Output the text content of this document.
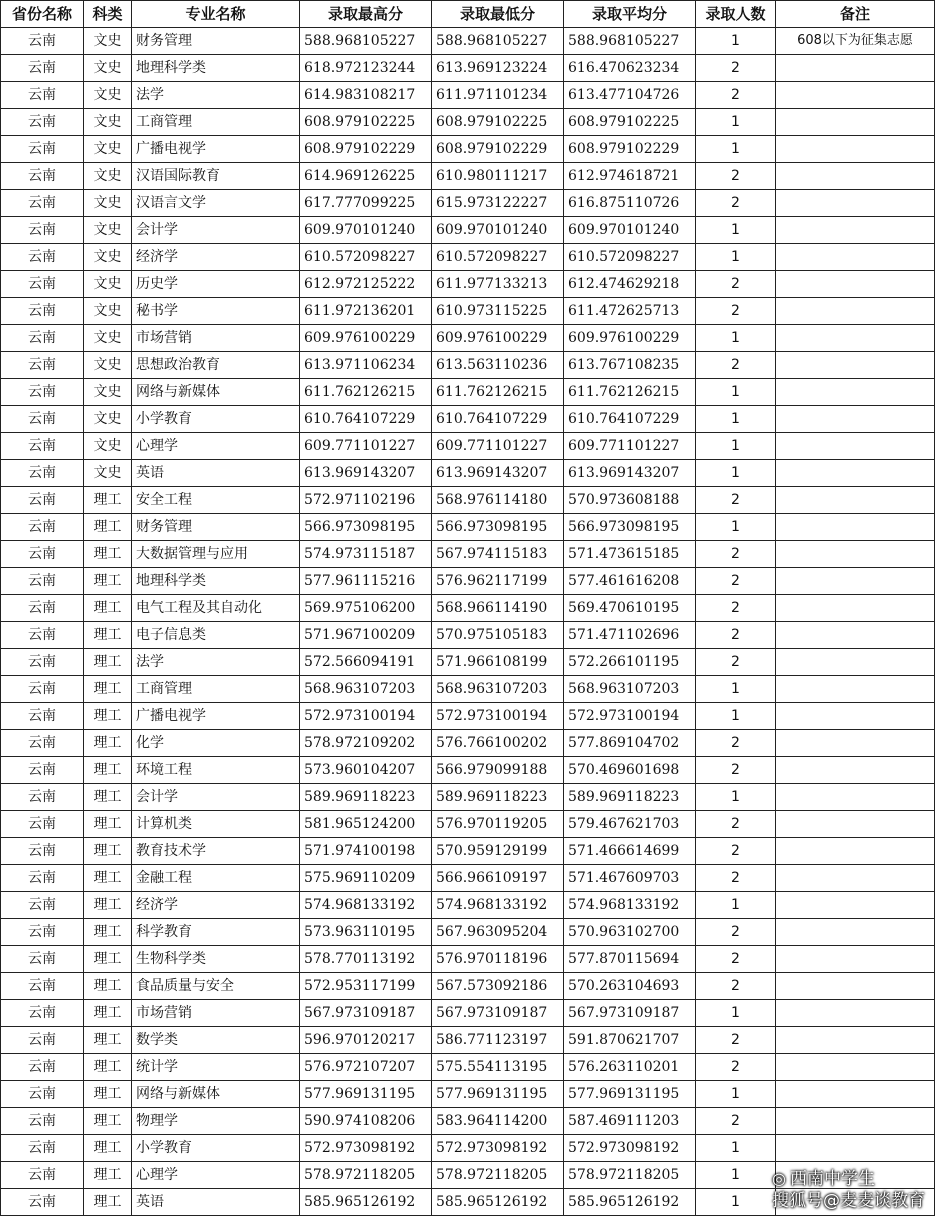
省份名称	科类	专业名称	录取最高分	录取最低分	录取平均分	录取人数	备注
云南	文史	财务管理	588.968105227	588.968105227	588.968105227	1	608以下为征集志愿
云南	文史	地理科学类	618.972123244	613.969123224	616.470623234	2	
云南	文史	法学	614.983108217	611.971101234	613.477104726	2	
云南	文史	工商管理	608.979102225	608.979102225	608.979102225	1	
云南	文史	广播电视学	608.979102229	608.979102229	608.979102229	1	
云南	文史	汉语国际教育	614.969126225	610.980111217	612.974618721	2	
云南	文史	汉语言文学	617.777099225	615.973122227	616.875110726	2	
云南	文史	会计学	609.970101240	609.970101240	609.970101240	1	
云南	文史	经济学	610.572098227	610.572098227	610.572098227	1	
云南	文史	历史学	612.972125222	611.977133213	612.474629218	2	
云南	文史	秘书学	611.972136201	610.973115225	611.472625713	2	
云南	文史	市场营销	609.976100229	609.976100229	609.976100229	1	
云南	文史	思想政治教育	613.971106234	613.563110236	613.767108235	2	
云南	文史	网络与新媒体	611.762126215	611.762126215	611.762126215	1	
云南	文史	小学教育	610.764107229	610.764107229	610.764107229	1	
云南	文史	心理学	609.771101227	609.771101227	609.771101227	1	
云南	文史	英语	613.969143207	613.969143207	613.969143207	1	
云南	理工	安全工程	572.971102196	568.976114180	570.973608188	2	
云南	理工	财务管理	566.973098195	566.973098195	566.973098195	1	
云南	理工	大数据管理与应用	574.973115187	567.974115183	571.473615185	2	
云南	理工	地理科学类	577.961115216	576.962117199	577.461616208	2	
云南	理工	电气工程及其自动化	569.975106200	568.966114190	569.470610195	2	
云南	理工	电子信息类	571.967100209	570.975105183	571.471102696	2	
云南	理工	法学	572.566094191	571.966108199	572.266101195	2	
云南	理工	工商管理	568.963107203	568.963107203	568.963107203	1	
云南	理工	广播电视学	572.973100194	572.973100194	572.973100194	1	
云南	理工	化学	578.972109202	576.766100202	577.869104702	2	
云南	理工	环境工程	573.960104207	566.979099188	570.469601698	2	
云南	理工	会计学	589.969118223	589.969118223	589.969118223	1	
云南	理工	计算机类	581.965124200	576.970119205	579.467621703	2	
云南	理工	教育技术学	571.974100198	570.959129199	571.466614699	2	
云南	理工	金融工程	575.969110209	566.966109197	571.467609703	2	
云南	理工	经济学	574.968133192	574.968133192	574.968133192	1	
云南	理工	科学教育	573.963110195	567.963095204	570.963102700	2	
云南	理工	生物科学类	578.770113192	576.970118196	577.870115694	2	
云南	理工	食品质量与安全	572.953117199	567.573092186	570.263104693	2	
云南	理工	市场营销	567.973109187	567.973109187	567.973109187	1	
云南	理工	数学类	596.970120217	586.771123197	591.870621707	2	
云南	理工	统计学	576.972107207	575.554113195	576.263110201	2	
云南	理工	网络与新媒体	577.969131195	577.969131195	577.969131195	1	
云南	理工	物理学	590.974108206	583.964114200	587.469111203	2	
云南	理工	小学教育	572.973098192	572.973098192	572.973098192	1	
云南	理工	心理学	578.972118205	578.972118205	578.972118205	1	
云南	理工	英语	585.965126192	585.965126192	585.965126192	1	
◎ 西南中学生
搜狐号@麦麦谈教育
